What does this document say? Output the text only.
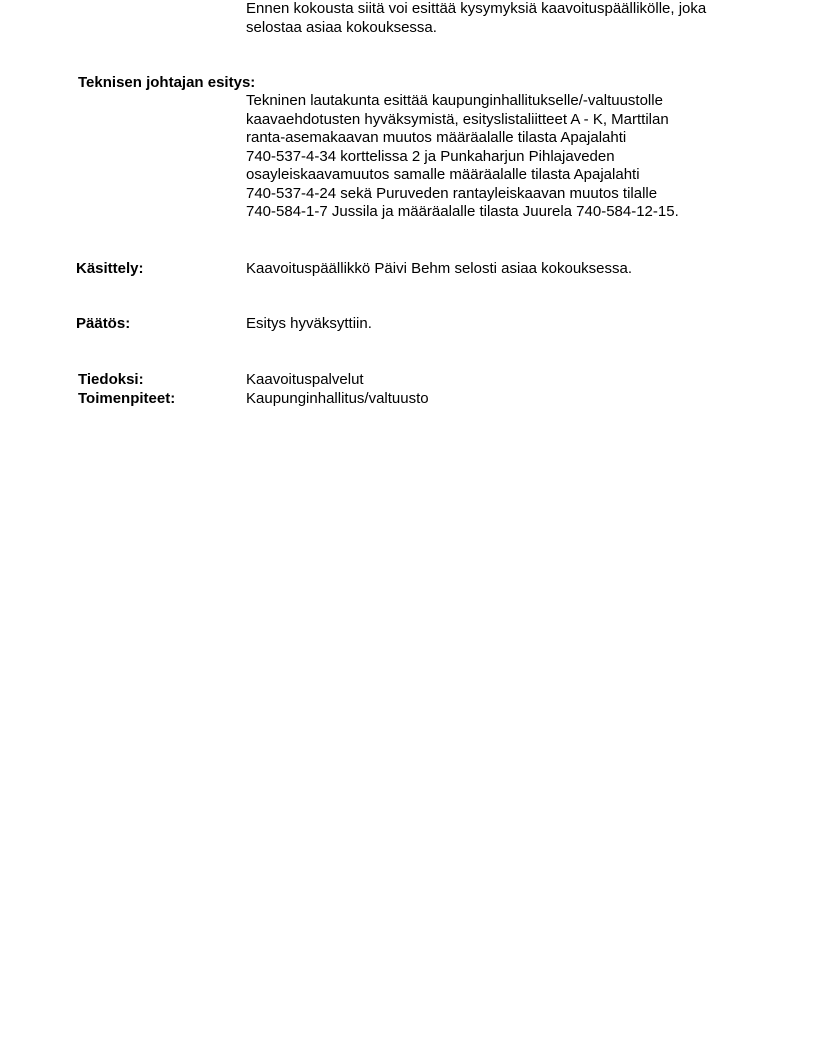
Ennen kokousta siitä voi esittää kysymyksiä kaavoituspäällikölle, joka
selostaa asiaa kokouksessa.
Teknisen johtajan esitys:
Tekninen lautakunta esittää kaupunginhallitukselle/-valtuustolle
kaavaehdotusten hyväksymistä, esityslistaliitteet A - K, Marttilan
ranta-asemakaavan muutos määräalalle tilasta Apajalahti
740-537-4-34 korttelissa 2 ja Punkaharjun Pihlajaveden
osayleiskaavamuutos samalle määräalalle tilasta Apajalahti
740-537-4-24 sekä Puruveden rantayleiskaavan muutos tilalle
740-584-1-7 Jussila ja määräalalle tilasta Juurela 740-584-12-15.
Käsittely:	Kaavoituspäällikkö Päivi Behm selosti asiaa kokouksessa.
Päätös:	Esitys hyväksyttiin.
Tiedoksi:	Kaavoituspalvelut
Toimenpiteet:	Kaupunginhallitus/valtuusto
